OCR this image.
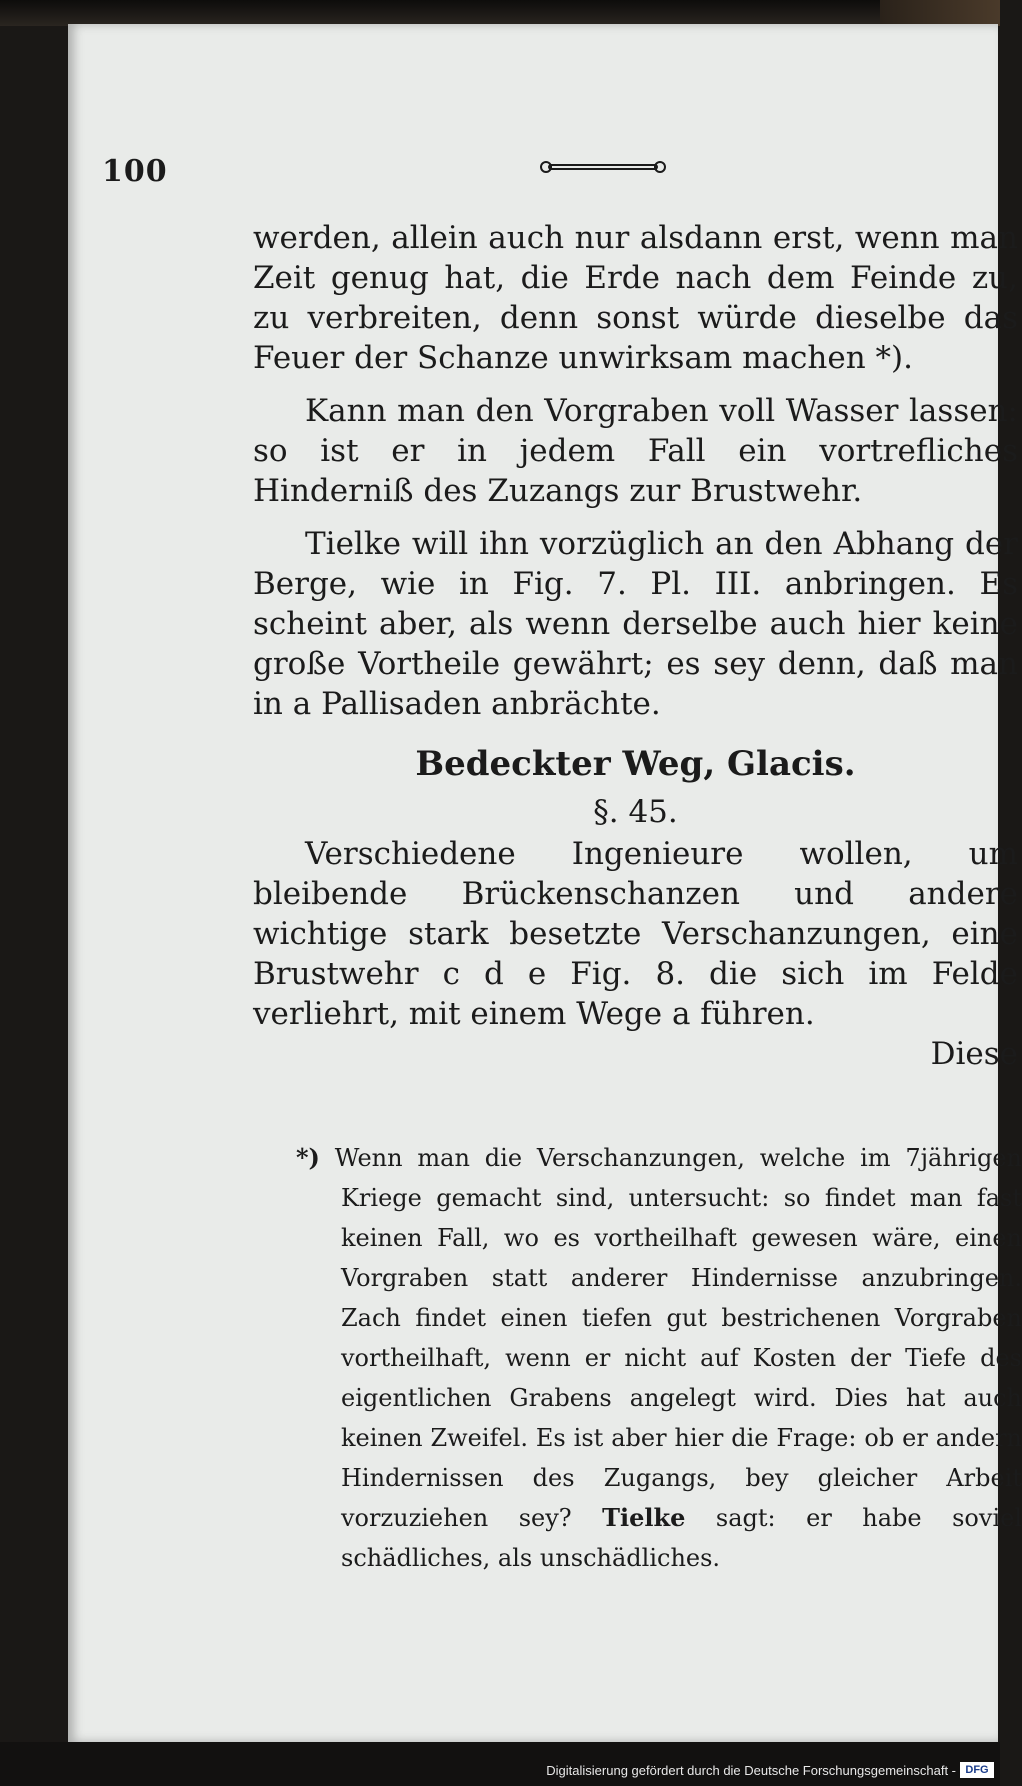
100

werden, allein auch nur alsdann erst, wenn man Zeit genug hat, die Erde nach dem Feinde zu, zu verbreiten, denn sonst würde dieselbe das Feuer der Schanze unwirksam machen *).

Kann man den Vorgraben voll Wasser lassen: so ist er in jedem Fall ein vortrefliches Hinderniß des Zuzangs zur Brustwehr.

Tielke will ihn vorzüglich an den Abhang der Berge, wie in Fig. 7. Pl. III. anbringen. Es scheint aber, als wenn derselbe auch hier keine große Vortheile gewährt; es sey denn, daß man in a Pallisaden anbrächte.

Bedeckter Weg, Glacis.
§. 45.

Verschiedene Ingenieure wollen, um bleibende Brückenschanzen und andere wichtige stark besetzte Verschanzungen, eine Brustwehr c d e Fig. 8. die sich im Felde verliehrt, mit einem Wege a führen.

Diese

*) Wenn man die Verschanzungen, welche im 7jährigen Kriege gemacht sind, untersucht: so findet man fast keinen Fall, wo es vortheilhaft gewesen wäre, einen Vorgraben statt anderer Hindernisse anzubringen. Zach findet einen tiefen gut bestrichenen Vorgraben vortheilhaft, wenn er nicht auf Kosten der Tiefe des eigentlichen Grabens angelegt wird. Dies hat auch keinen Zweifel. Es ist aber hier die Frage: ob er andern Hindernissen des Zugangs, bey gleicher Arbeit vorzuziehen sey? Tielke sagt: er habe soviel schädliches, als unschädliches.

Digitalisierung gefördert durch die Deutsche Forschungsgemeinschaft - DFG
